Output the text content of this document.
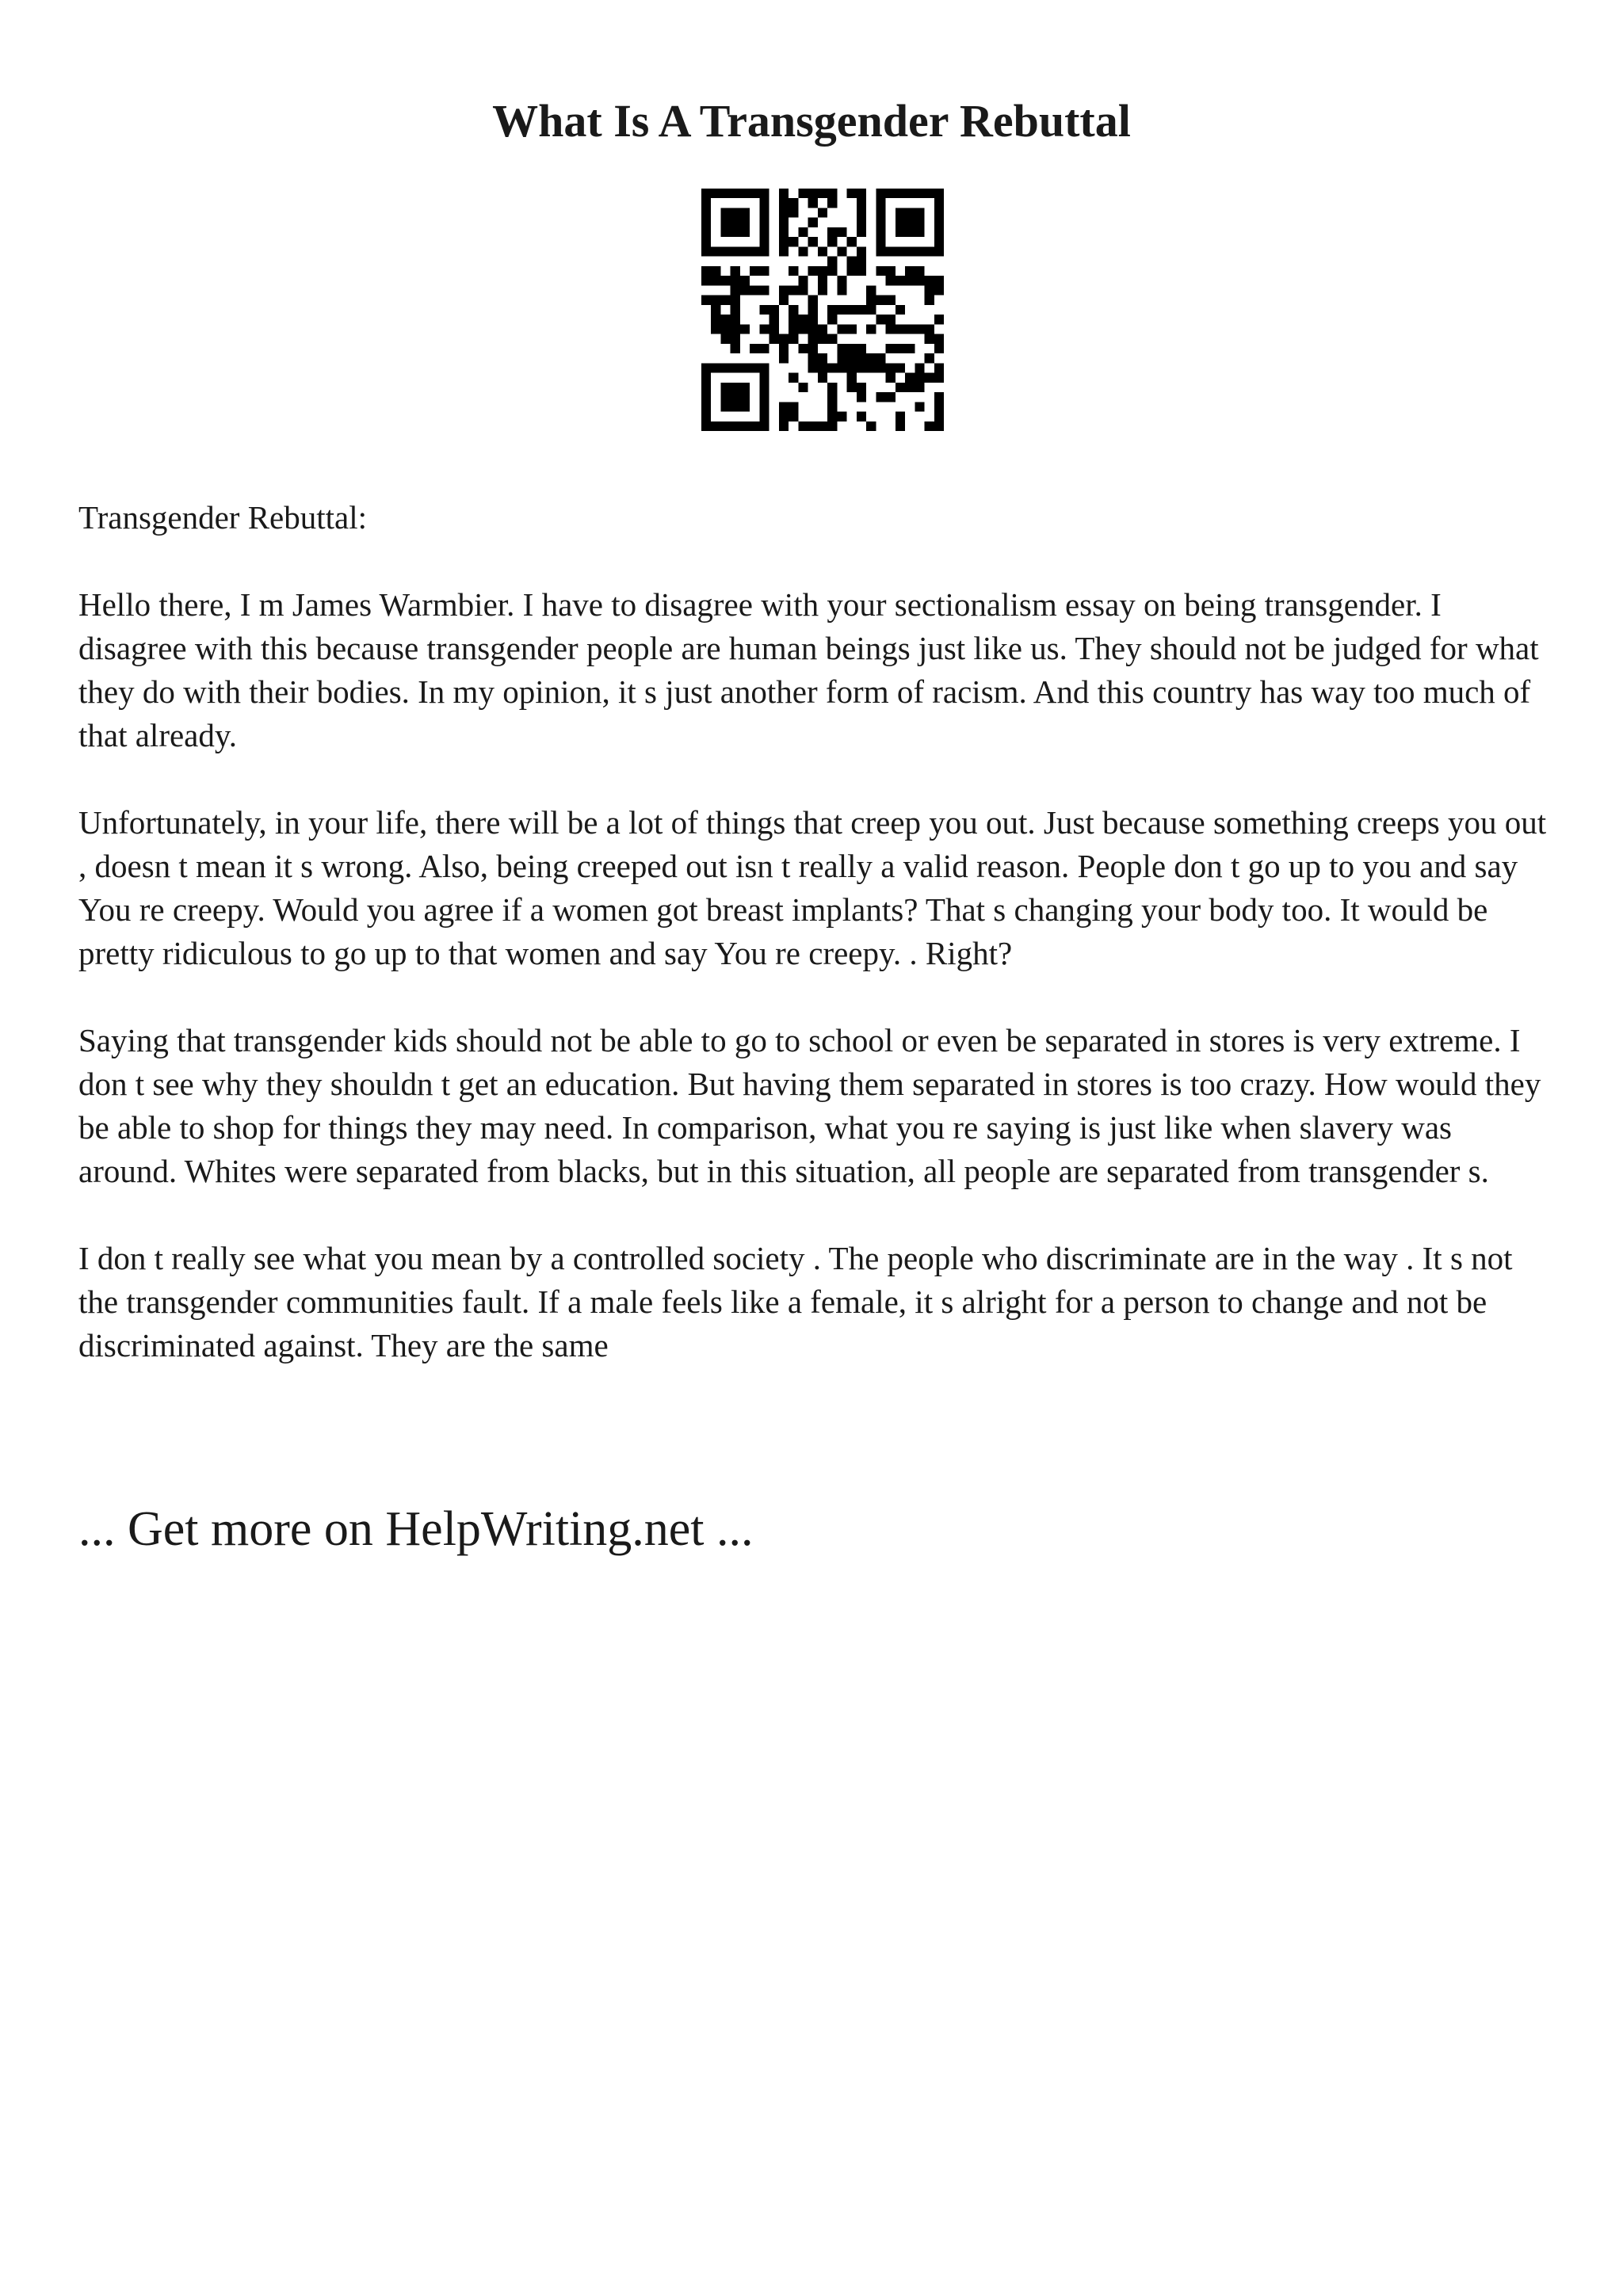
What Is A Transgender Rebuttal

Transgender Rebuttal:

Hello there, I m James Warmbier. I have to disagree with your sectionalism essay on being transgender. I disagree with this because transgender people are human beings just like us. They should not be judged for what they do with their bodies. In my opinion, it s just another form of racism. And this country has way too much of that already.

Unfortunately, in your life, there will be a lot of things that creep you out. Just because something creeps you out , doesn t mean it s wrong. Also, being creeped out isn t really a valid reason. People don t go up to you and say You re creepy. Would you agree if a women got breast implants? That s changing your body too. It would be pretty ridiculous to go up to that women and say You re creepy. . Right?

Saying that transgender kids should not be able to go to school or even be separated in stores is very extreme. I don t see why they shouldn t get an education. But having them separated in stores is too crazy. How would they be able to shop for things they may need. In comparison, what you re saying is just like when slavery was around. Whites were separated from blacks, but in this situation, all people are separated from transgender s.

I don t really see what you mean by a controlled society . The people who discriminate are in the way . It s not the transgender communities fault. If a male feels like a female, it s alright for a person to change and not be discriminated against. They are the same

... Get more on HelpWriting.net ...
